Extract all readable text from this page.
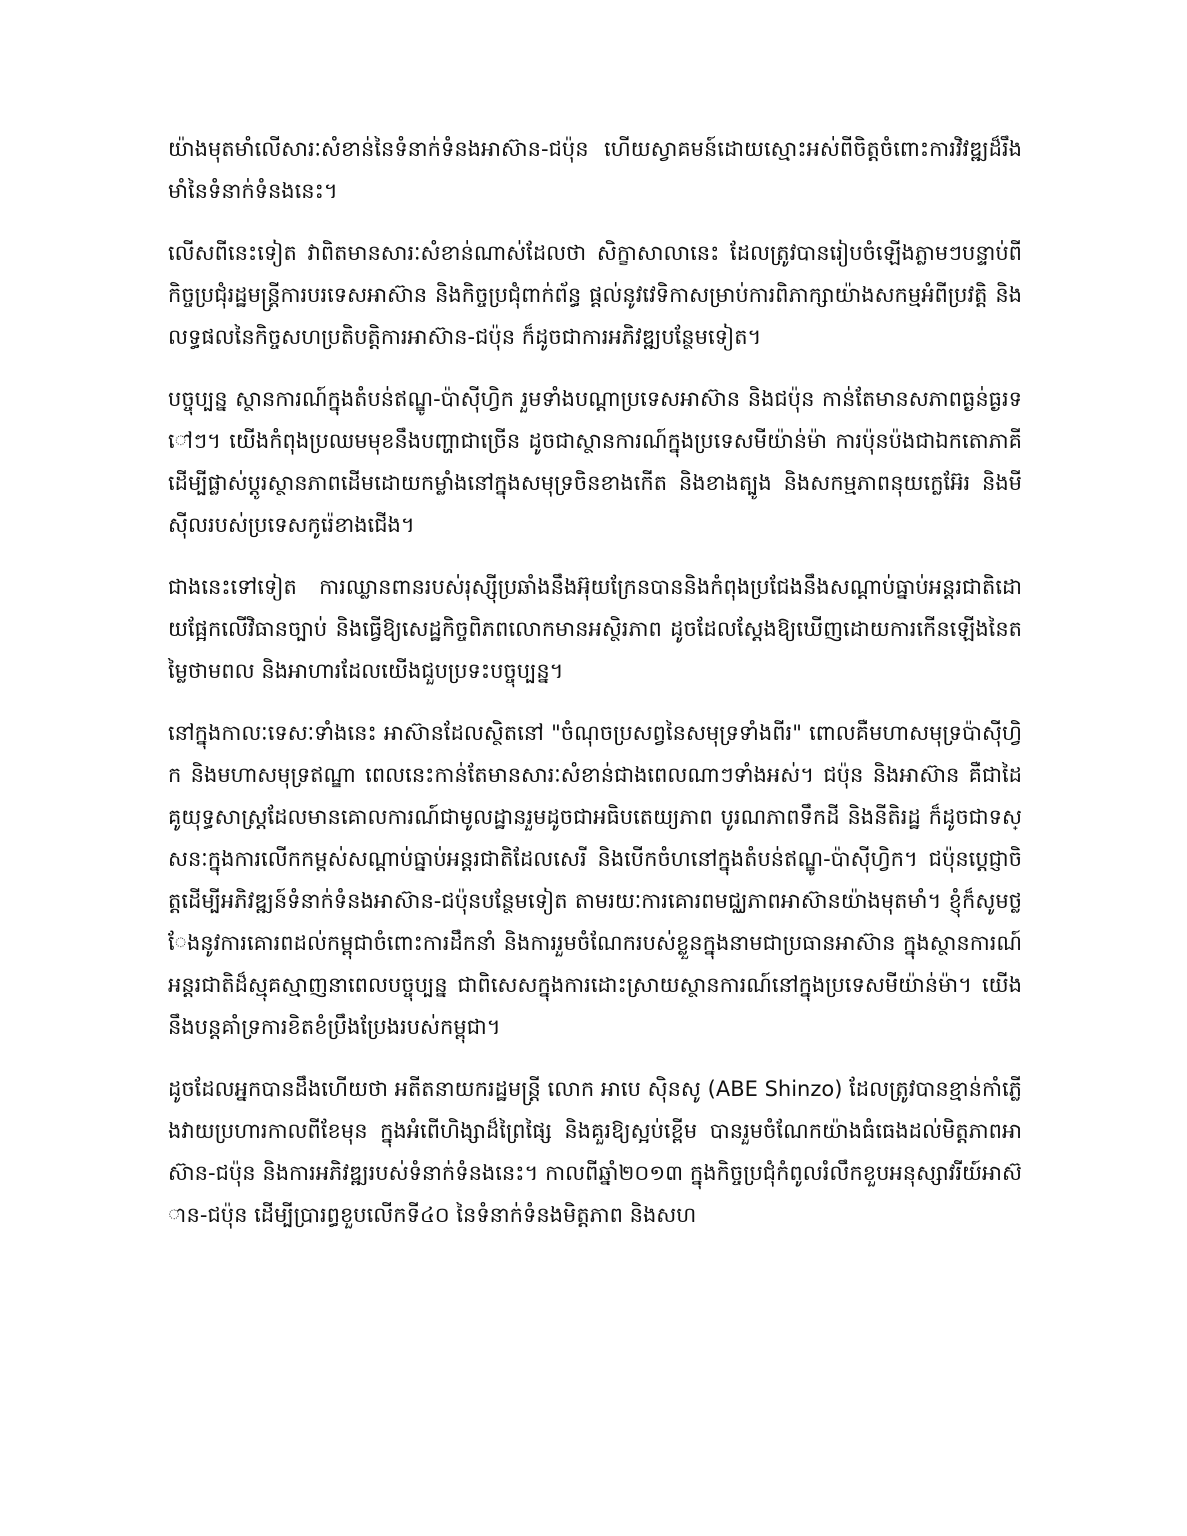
យ៉ាងមុតមាំលើសារៈសំខាន់នៃទំនាក់ទំនងអាស៊ាន-ជប៉ុន ហើយស្វាគមន៍ដោយស្មោះអស់ពីចិត្តចំពោះការវិវឌ្ឍដ៏រឹងមាំនៃទំនាក់ទំនងនេះ។

លើសពីនេះទៀត វាពិតមានសារៈសំខាន់ណាស់ដែលថា សិក្ខាសាលានេះ ដែលត្រូវបានរៀបចំឡើងភ្លាមៗបន្ទាប់ពីកិច្ចប្រជុំរដ្ឋមន្ត្រីការបរទេសអាស៊ាន និងកិច្ចប្រជុំពាក់ព័ន្ធ ផ្តល់នូវវេទិកាសម្រាប់ការពិភាក្សាយ៉ាងសកម្មអំពីប្រវត្តិ និងលទ្ធផលនៃកិច្ចសហប្រតិបត្តិការអាស៊ាន-ជប៉ុន ក៏ដូចជាការអភិវឌ្ឍបន្ថែមទៀត។

បច្ចុប្បន្ន ស្ថានការណ៍ក្នុងតំបន់ឥណ្ឌូ-ប៉ាស៊ីហ្វិក រួមទាំងបណ្តាប្រទេសអាស៊ាន និងជប៉ុន កាន់តែមានសភាពធ្ងន់ធ្ងរទៅៗ។ យើងកំពុងប្រឈមមុខនឹងបញ្ហាជាច្រើន ដូចជាស្ថានការណ៍ក្នុងប្រទេសមីយ៉ាន់ម៉ា ការប៉ុនប៉ងជាឯកតោភាគីដើម្បីផ្លាស់ប្តូរស្ថានភាពដើមដោយកម្លាំងនៅក្នុងសមុទ្រចិនខាងកើត និងខាងត្បូង និងសកម្មភាពនុយក្លេអ៊ែរ និងមីស៊ីលរបស់ប្រទេសកូរ៉េខាងជើង។

ជាងនេះទៅទៀត ការឈ្លានពានរបស់រុស្ស៊ីប្រឆាំងនឹងអ៊ុយក្រែនបាននិងកំពុងប្រជែងនឹងសណ្តាប់ធ្នាប់អន្តរជាតិដោយផ្អែកលើវិធានច្បាប់ និងធ្វើឱ្យសេដ្ឋកិច្ចពិភពលោកមានអស្ថិរភាព ដូចដែលស្តែងឱ្យឃើញដោយការកើនឡើងនៃតម្លៃថាមពល និងអាហារដែលយើងជួបប្រទះបច្ចុប្បន្ន។

នៅក្នុងកាលៈទេសៈទាំងនេះ អាស៊ានដែលស្ថិតនៅ "ចំណុចប្រសព្វនៃសមុទ្រទាំងពីរ" ពោលគឺមហាសមុទ្រប៉ាស៊ីហ្វិក និងមហាសមុទ្រឥណ្ឌា ពេលនេះកាន់តែមានសារៈសំខាន់ជាងពេលណាៗទាំងអស់។ ជប៉ុន និងអាស៊ាន គឺជាដៃគូយុទ្ធសាស្ត្រដែលមានគោលការណ៍ជាមូលដ្ឋានរួមដូចជាអធិបតេយ្យភាព បូរណភាពទឹកដី និងនីតិរដ្ឋ ក៏ដូចជាទស្សនៈក្នុងការលើកកម្ពស់សណ្តាប់ធ្នាប់អន្តរជាតិដែលសេរី និងបើកចំហនៅក្នុងតំបន់ឥណ្ឌូ-ប៉ាស៊ីហ្វិក។ ជប៉ុនប្តេជ្ញាចិត្តដើម្បីអភិវឌ្ឍន៍ទំនាក់ទំនងអាស៊ាន-ជប៉ុនបន្ថែមទៀត តាមរយៈការគោរពមជ្ឈភាពអាស៊ានយ៉ាងមុតមាំ។ ខ្ញុំក៏សូមថ្លែងនូវការគោរពដល់កម្ពុជាចំពោះការដឹកនាំ និងការរួមចំណែករបស់ខ្លួនក្នុងនាមជាប្រធានអាស៊ាន ក្នុងស្ថានការណ៍អន្តរជាតិដ៏ស្មុគស្មាញនាពេលបច្ចុប្បន្ន ជាពិសេសក្នុងការដោះស្រាយស្ថានការណ៍នៅក្នុងប្រទេសមីយ៉ាន់ម៉ា។ យើងនឹងបន្តគាំទ្រការខិតខំប្រឹងប្រែងរបស់កម្ពុជា។

ដូចដែលអ្នកបានដឹងហើយថា អតីតនាយករដ្ឋមន្ត្រី លោក អាបេ ស៊ិនសូ (ABE Shinzo) ដែលត្រូវបានខ្មាន់កាំភ្លើងវាយប្រហារកាលពីខែមុន ក្នុងអំពើហិង្សាដ៏ព្រៃផ្សៃ និងគួរឱ្យស្អប់ខ្ពើម បានរួមចំណែកយ៉ាងធំធេងដល់មិត្តភាពអាស៊ាន-ជប៉ុន និងការអភិវឌ្ឍរបស់ទំនាក់ទំនងនេះ។ កាលពីឆ្នាំ២០១៣ ក្នុងកិច្ចប្រជុំកំពូលរំលឹកខួបអនុស្សាវរីយ៍អាស៊ាន-ជប៉ុន ដើម្បីប្រារព្ធខួបលើកទី៤០ នៃទំនាក់ទំនងមិត្តភាព និងសហ
